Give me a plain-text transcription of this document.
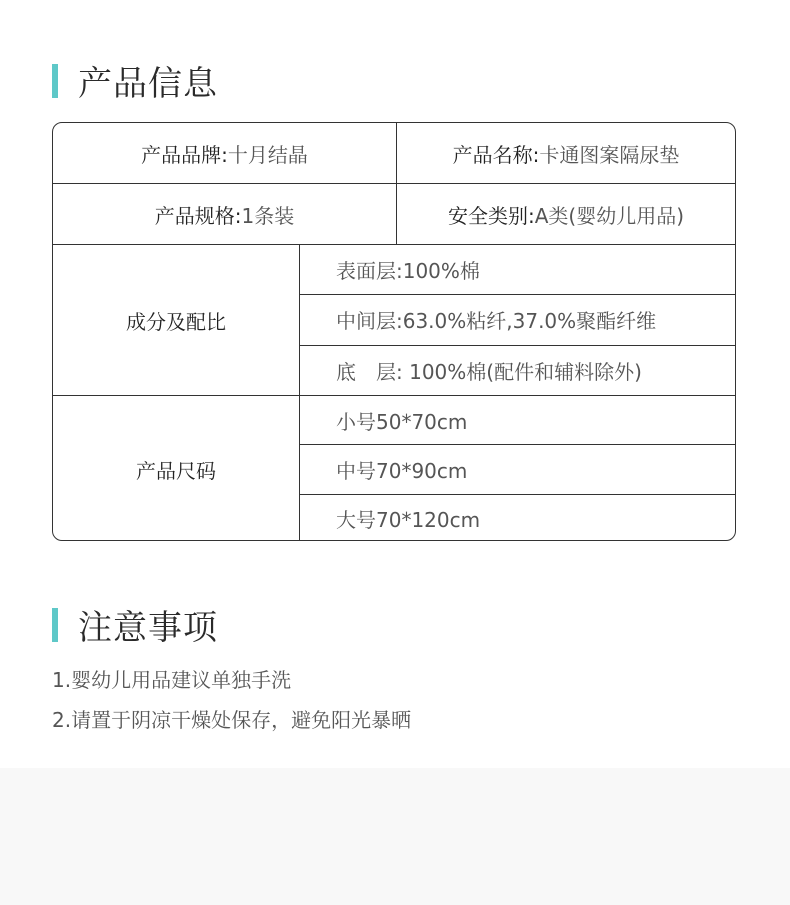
产品信息
产品品牌: 十月结晶	产品名称: 卡通图案隔尿垫
产品规格: 1条装	安全类别: A类(婴幼儿用品)
成分及配比
表面层:100%棉
中间层:63.0%粘纤,37.0%聚酯纤维
底　层: 100%棉(配件和辅料除外)
产品尺码
小号50*70cm
中号70*90cm
大号70*120cm
注意事项
1.婴幼儿用品建议单独手洗
2.请置于阴凉干燥处保存，避免阳光暴晒
